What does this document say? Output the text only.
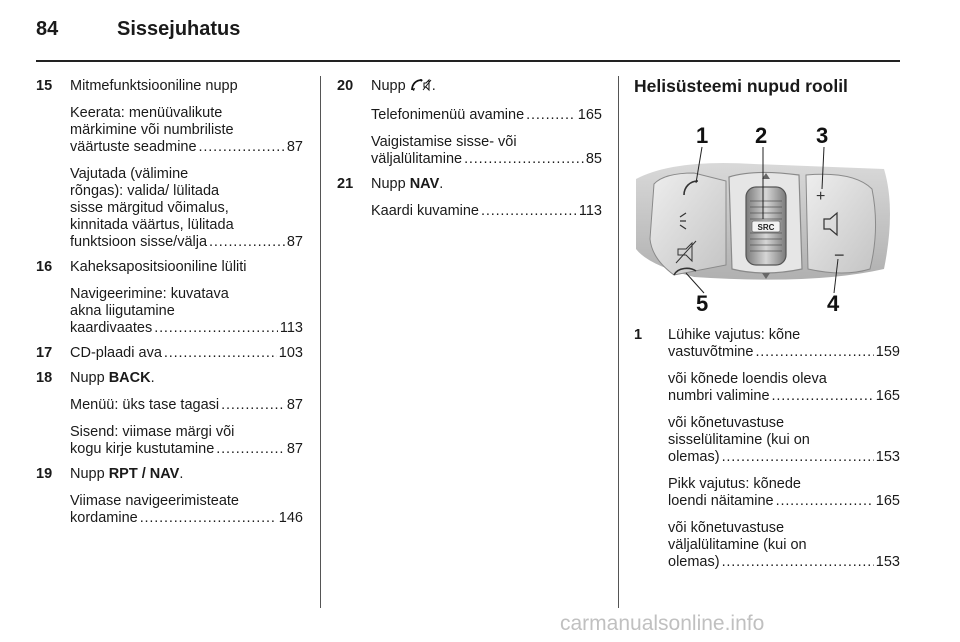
84	Sissejuhatus
15 Mitmefunktsiooniline nupp
Keerata: menüüvalikute
märkimine või numbriliste
väärtuste seadmine . . .	87
Vajutada (välimine
rõngas): valida/ lülitada
sisse märgitud võimalus,
kinnitada väärtus, lülitada
funktsioon sisse/välja . . .	87
16 Kaheksapositsiooniline lüliti
Navigeerimine: kuvatava
akna liigutamine
kaardivaates . . .	113
17 CD-plaadi ava . . .	103
18 Nupp BACK.
Menüü: üks tase tagasi . . .	87
Sisend: viimase märgi või
kogu kirje kustutamine . . .	87
19 Nupp RPT / NAV.
Viimase navigeerimisteate
kordamine . . .	146
20 Nupp .
Telefonimenüü avamine . . .	165
Vaigistamise sisse- või
väljalülitamine . . .	85
21 Nupp NAV.
Kaardi kuvamine . . .	113
Helisüsteemi nupud roolil
SRC
+
−
1 2 3
4
5
1 Lühike vajutus: kõne
vastuvõtmine . . .	159
või kõnede loendis oleva
numbri valimine . . .	165
või kõnetuvastuse
sisselülitamine (kui on
olemas) . . .	153
Pikk vajutus: kõnede
loendi näitamine . . .	165
või kõnetuvastuse
väljalülitamine (kui on
olemas) . . .	153
carmanualsonline.info
